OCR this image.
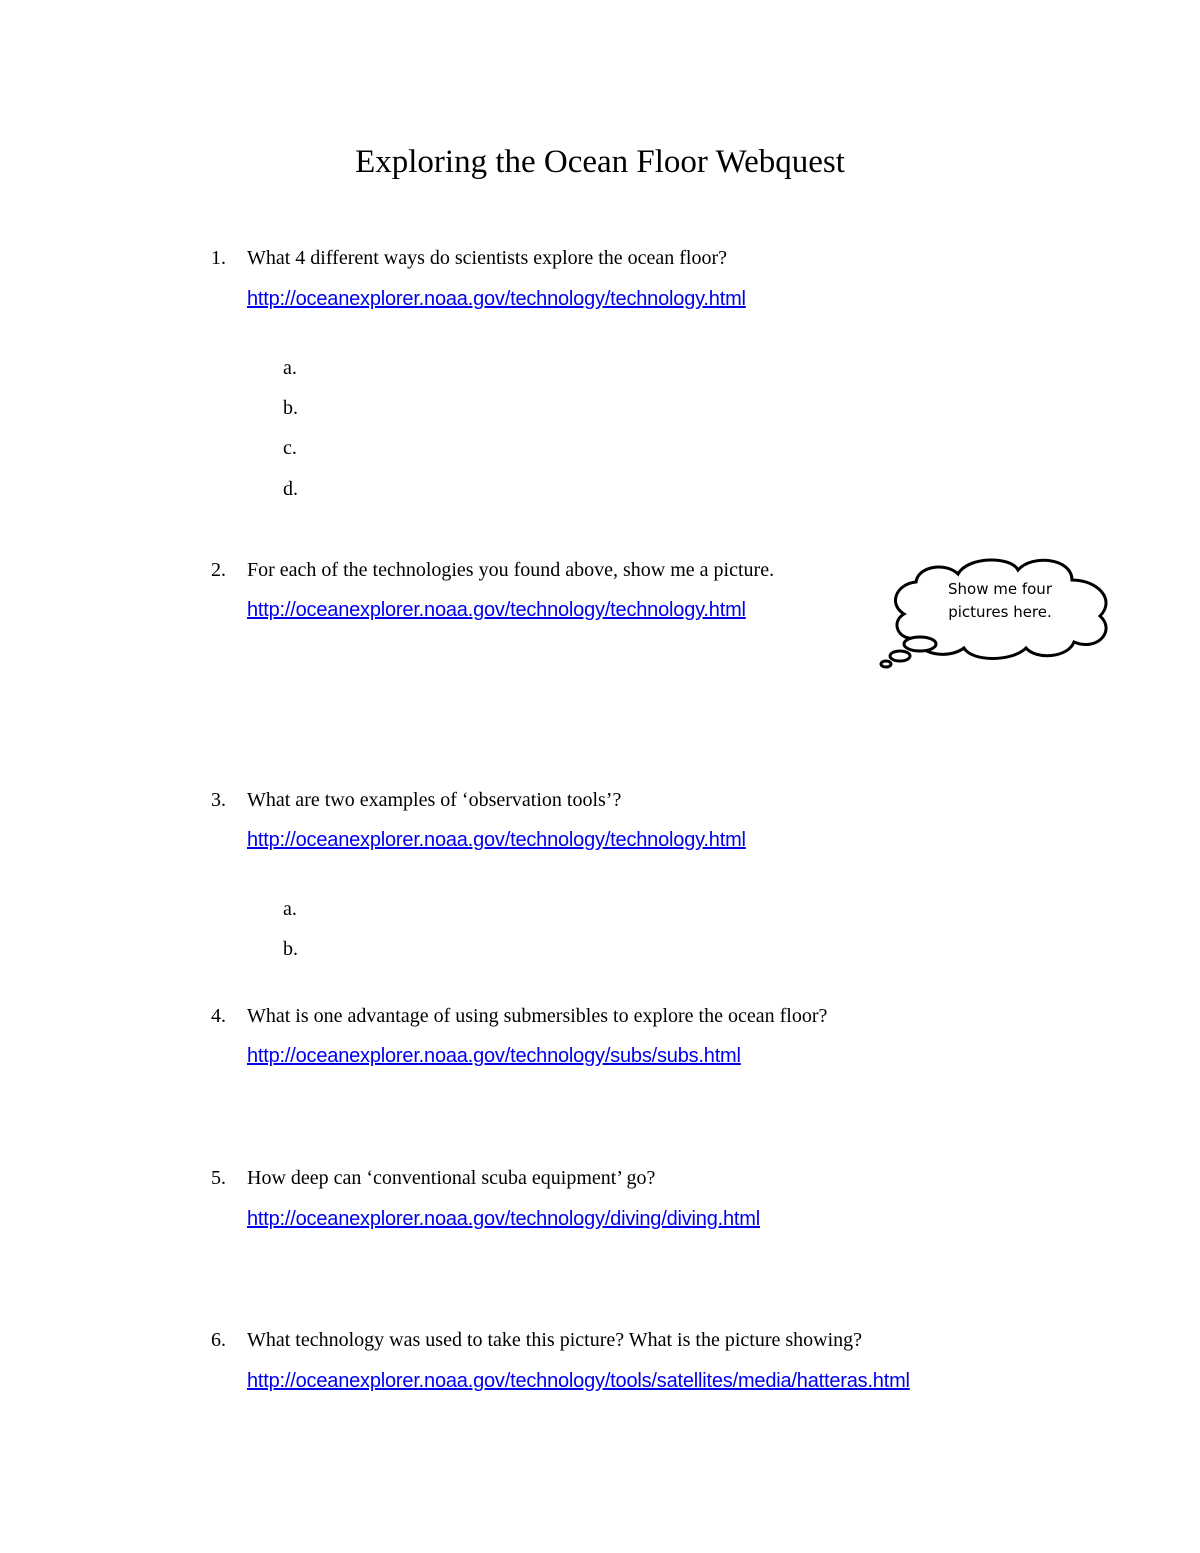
Exploring the Ocean Floor Webquest
1. What 4 different ways do scientists explore the ocean floor?
http://oceanexplorer.noaa.gov/technology/technology.html
a.
b.
c.
d.
2. For each of the technologies you found above, show me a picture.
http://oceanexplorer.noaa.gov/technology/technology.html
Show me four
pictures here.
3. What are two examples of ‘observation tools’?
http://oceanexplorer.noaa.gov/technology/technology.html
a.
b.
4. What is one advantage of using submersibles to explore the ocean floor?
http://oceanexplorer.noaa.gov/technology/subs/subs.html
5. How deep can ‘conventional scuba equipment’ go?
http://oceanexplorer.noaa.gov/technology/diving/diving.html
6. What technology was used to take this picture? What is the picture showing?
http://oceanexplorer.noaa.gov/technology/tools/satellites/media/hatteras.html
